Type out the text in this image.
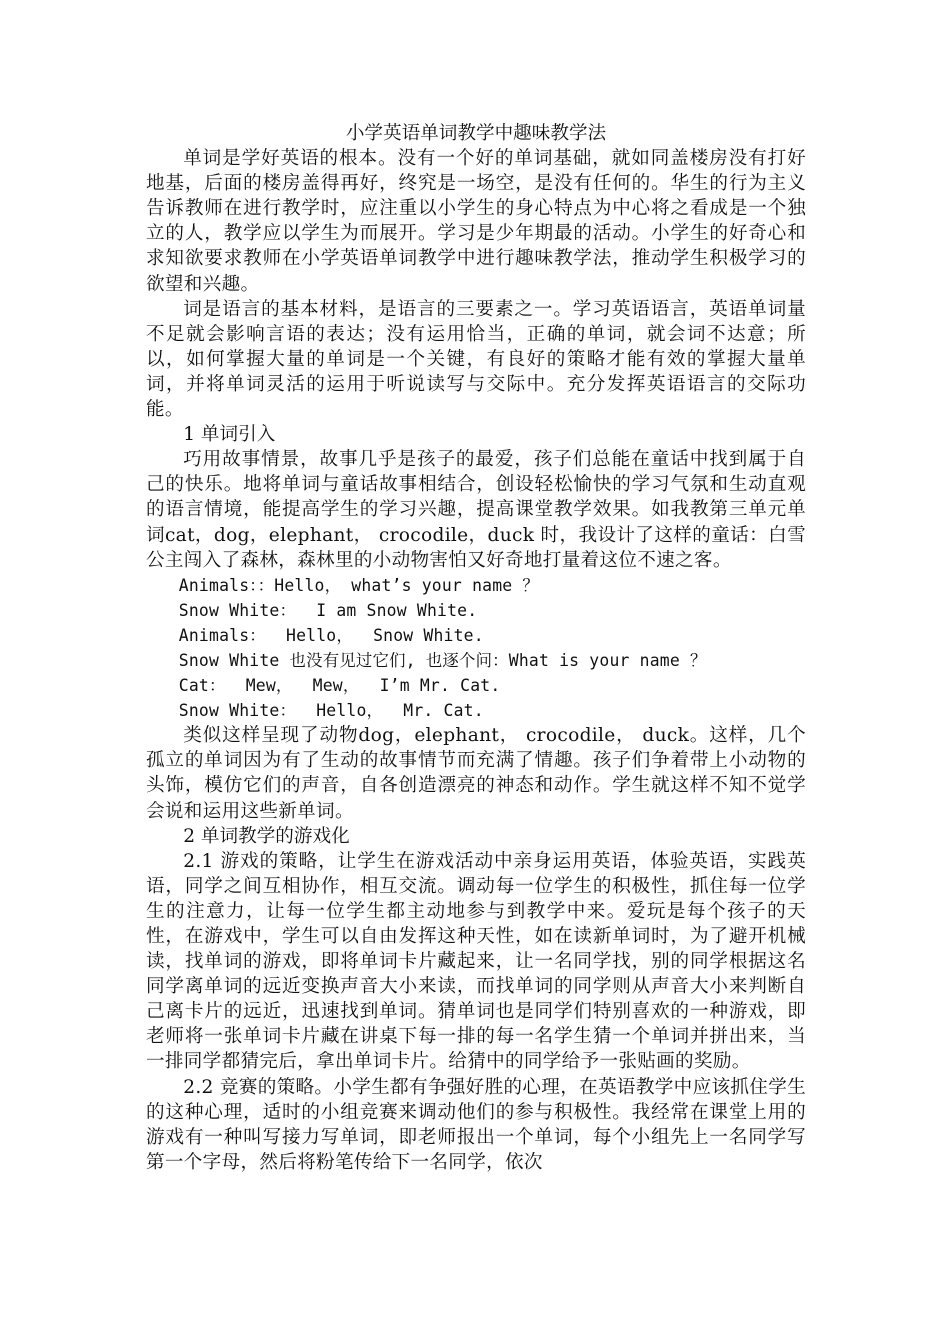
小学英语单词教学中趣味教学法

单词是学好英语的根本。没有一个好的单词基础，就如同盖楼房没有打好地基，后面的楼房盖得再好，终究是一场空，是没有任何的。华生的行为主义告诉教师在进行教学时，应注重以小学生的身心特点为中心将之看成是一个独立的人，教学应以学生为而展开。学习是少年期最的活动。小学生的好奇心和求知欲要求教师在小学英语单词教学中进行趣味教学法，推动学生积极学习的欲望和兴趣。

词是语言的基本材料，是语言的三要素之一。学习英语语言，英语单词量不足就会影响言语的表达；没有运用恰当，正确的单词，就会词不达意；所以，如何掌握大量的单词是一个关键，有良好的策略才能有效的掌握大量单词，并将单词灵活的运用于听说读写与交际中。充分发挥英语语言的交际功能。

1 单词引入

巧用故事情景，故事几乎是孩子的最爱，孩子们总能在童话中找到属于自己的快乐。地将单词与童话故事相结合，创设轻松愉快的学习气氛和生动直观的语言情境，能提高学生的学习兴趣，提高课堂教学效果。如我教第三单元单词cat，dog，elephant， crocodile，duck 时，我设计了这样的童话：白雪公主闯入了森林，森林里的小动物害怕又好奇地打量着这位不速之客。

Animals：：Hello， what’s your name ？

Snow White：  I am Snow White.

Animals：  Hello，  Snow White.

Snow White 也没有见过它们, 也逐个问：What is your name ？

Cat：  Mew，  Mew，  I’m Mr. Cat.

Snow White：  Hello，  Mr. Cat.

类似这样呈现了动物dog，elephant， crocodile， duck。这样，几个孤立的单词因为有了生动的故事情节而充满了情趣。孩子们争着带上小动物的头饰，模仿它们的声音，自各创造漂亮的神态和动作。学生就这样不知不觉学会说和运用这些新单词。

2 单词教学的游戏化

2.1 游戏的策略，让学生在游戏活动中亲身运用英语，体验英语，实践英语，同学之间互相协作，相互交流。调动每一位学生的积极性，抓住每一位学生的注意力，让每一位学生都主动地参与到教学中来。爱玩是每个孩子的天性，在游戏中，学生可以自由发挥这种天性，如在读新单词时，为了避开机械读，找单词的游戏，即将单词卡片藏起来，让一名同学找，别的同学根据这名同学离单词的远近变换声音大小来读，而找单词的同学则从声音大小来判断自己离卡片的远近，迅速找到单词。猜单词也是同学们特别喜欢的一种游戏，即老师将一张单词卡片藏在讲桌下每一排的每一名学生猜一个单词并拼出来，当一排同学都猜完后，拿出单词卡片。给猜中的同学给予一张贴画的奖励。

2.2 竞赛的策略。小学生都有争强好胜的心理，在英语教学中应该抓住学生的这种心理，适时的小组竞赛来调动他们的参与积极性。我经常在课堂上用的游戏有一种叫写接力写单词，即老师报出一个单词，每个小组先上一名同学写第一个字母，然后将粉笔传给下一名同学，依次
